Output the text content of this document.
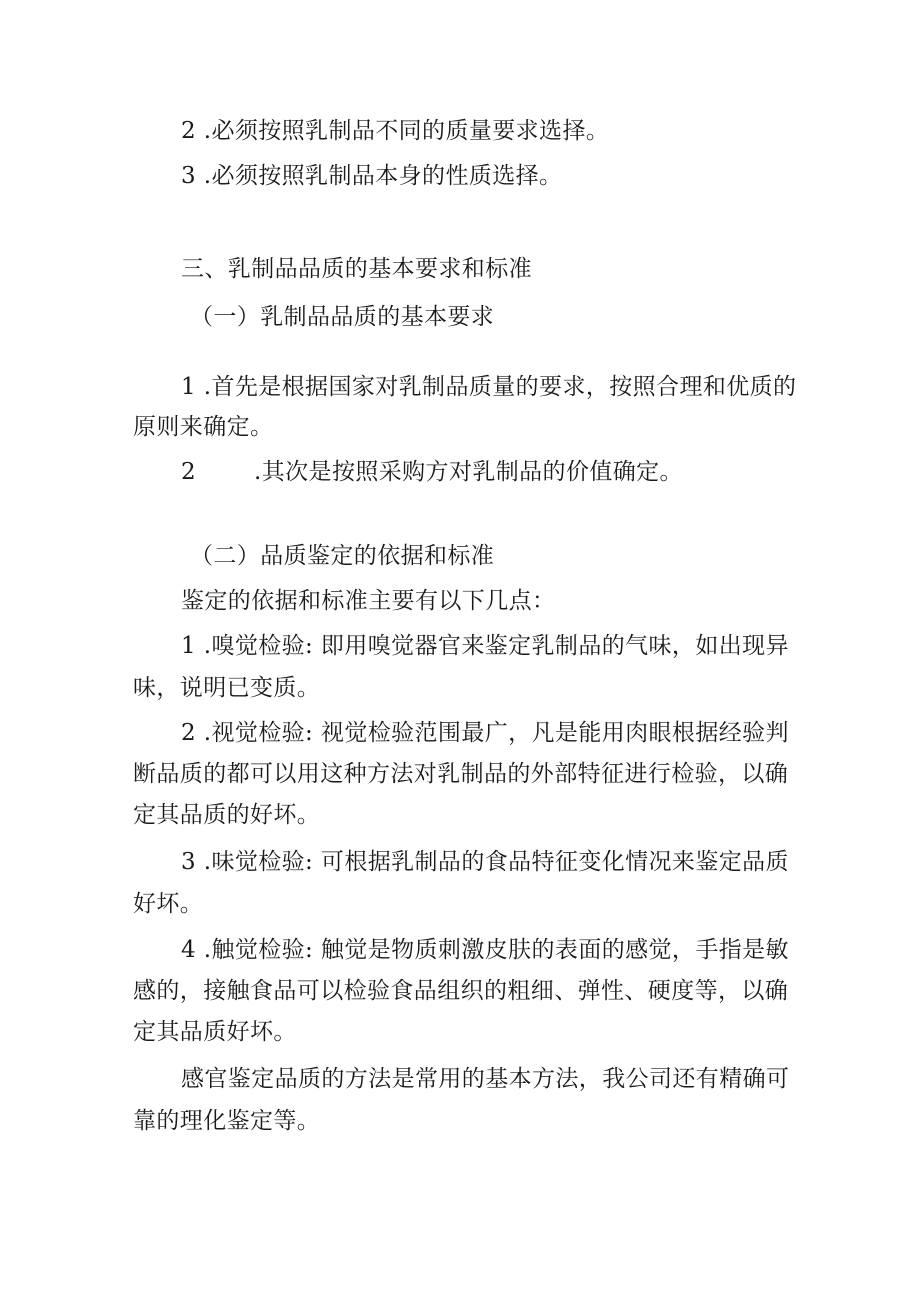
2 .必须按照乳制品不同的质量要求选择。
3 .必须按照乳制品本身的性质选择。
三、乳制品品质的基本要求和标准
（一）乳制品品质的基本要求
1 .首先是根据国家对乳制品质量的要求，按照合理和优质的
原则来确定。
2	.其次是按照采购方对乳制品的价值确定。
（二）品质鉴定的依据和标准
鉴定的依据和标准主要有以下几点：
1 .嗅觉检验: 即用嗅觉器官来鉴定乳制品的气味，如出现异
味，说明已变质。
2 .视觉检验: 视觉检验范围最广，凡是能用肉眼根据经验判
断品质的都可以用这种方法对乳制品的外部特征进行检验，以确
定其品质的好坏。
3 .味觉检验: 可根据乳制品的食品特征变化情况来鉴定品质
好坏。
4 .触觉检验: 触觉是物质刺激皮肤的表面的感觉，手指是敏
感的，接触食品可以检验食品组织的粗细、弹性、硬度等，以确
定其品质好坏。
感官鉴定品质的方法是常用的基本方法，我公司还有精确可
靠的理化鉴定等。
